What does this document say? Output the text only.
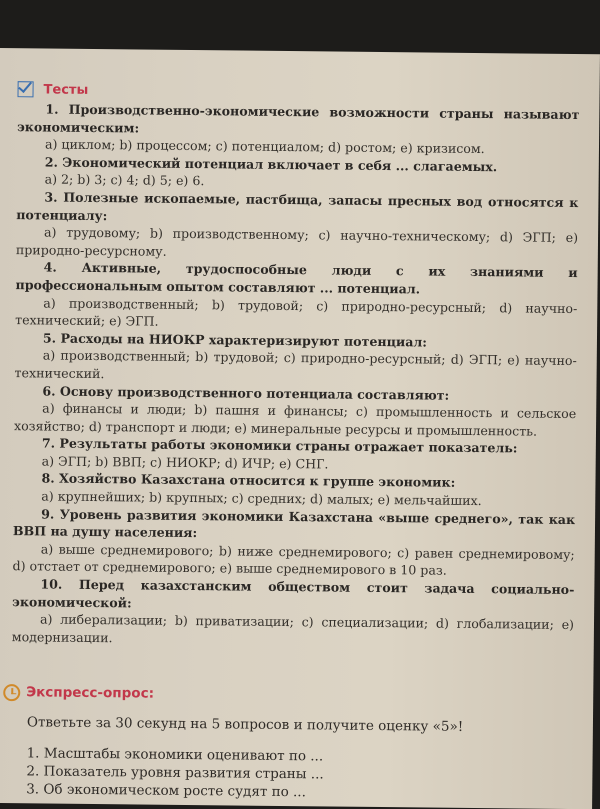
Тесты

1. Производственно-экономические возможности страны называют экономическим:

а) циклом; b) процессом; с) потенциалом; d) ростом; е) кризисом.

2. Экономический потенциал включает в себя ... слагаемых.

а) 2; b) 3; с) 4; d) 5; е) 6.

3. Полезные ископаемые, пастбища, запасы пресных вод относятся к потенциалу:

а) трудовому; b) производственному; с) научно-техническому; d) ЭГП; е) природно-ресурсному.

4. Активные, трудоспособные люди с их знаниями и профессиональным опытом составляют ... потенциал.

а) производственный; b) трудовой; с) природно-ресурсный; d) научно-технический; е) ЭГП.

5. Расходы на НИОКР характеризируют потенциал:

а) производственный; b) трудовой; с) природно-ресурсный; d) ЭГП; е) научно-технический.

6. Основу производственного потенциала составляют:

а) финансы и люди; b) пашня и финансы; с) промышленность и сельское хозяйство; d) транспорт и люди; е) минеральные ресурсы и промышленность.

7. Результаты работы экономики страны отражает показатель:

а) ЭГП; b) ВВП; с) НИОКР; d) ИЧР; е) СНГ.

8. Хозяйство Казахстана относится к группе экономик:

а) крупнейших; b) крупных; с) средних; d) малых; е) мельчайших.

9. Уровень развития экономики Казахстана «выше среднего», так как ВВП на душу населения:

а) выше среднемирового; b) ниже среднемирового; с) равен среднемировому; d) отстает от среднемирового; е) выше среднемирового в 10 раз.

10. Перед казахстанским обществом стоит задача социально-экономической:

а) либерализации; b) приватизации; с) специализации; d) глобализации; е) модернизации.

Экспресс-опрос:
Ответьте за 30 секунд на 5 вопросов и получите оценку «5»!
1. Масштабы экономики оценивают по ...
2. Показатель уровня развития страны ...
3. Об экономическом росте судят по ...
